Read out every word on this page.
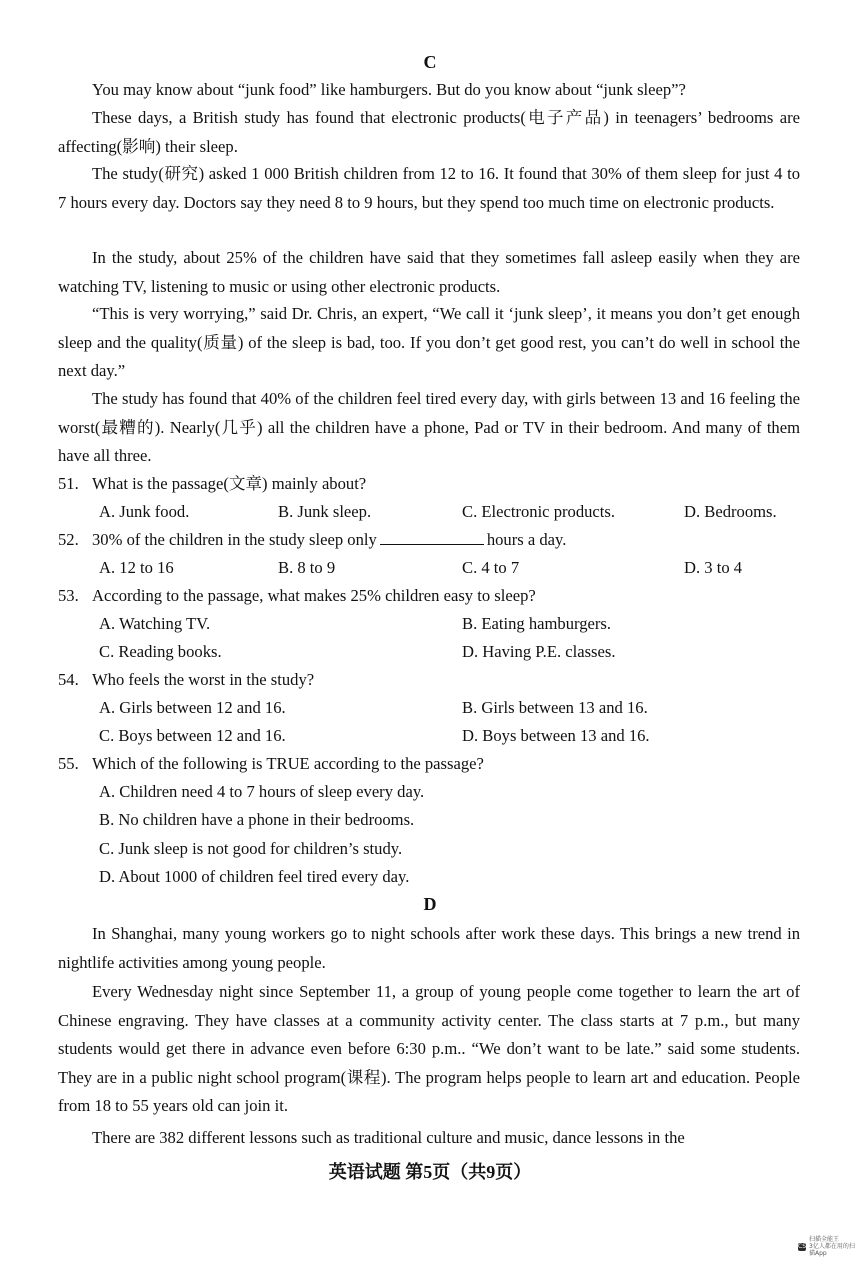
C
You may know about “junk food” like hamburgers. But do you know about “junk sleep”?
These days, a British study has found that electronic products(电子产品) in teenagers’ bedrooms are affecting(影响) their sleep.
The study(研究) asked 1 000 British children from 12 to 16. It found that 30% of them sleep for just 4 to 7 hours every day. Doctors say they need 8 to 9 hours, but they spend too much time on electronic products.
In the study, about 25% of the children have said that they sometimes fall asleep easily when they are watching TV, listening to music or using other electronic products.
“This is very worrying,” said Dr. Chris, an expert, “We call it ‘junk sleep’, it means you don’t get enough sleep and the quality(质量) of the sleep is bad, too. If you don’t get good rest, you can’t do well in school the next day.”
The study has found that 40% of the children feel tired every day, with girls between 13 and 16 feeling the worst(最糟的). Nearly(几乎) all the children have a phone, Pad or TV in their bedroom. And many of them have all three.
51. What is the passage(文章) mainly about?
A. Junk food.	B. Junk sleep.	C. Electronic products.	D. Bedrooms.
52. 30% of the children in the study sleep only	hours a day.
A. 12 to 16	B. 8 to 9	C. 4 to 7	D. 3 to 4
53. According to the passage, what makes 25% children easy to sleep?
A. Watching TV.	B. Eating hamburgers.
C. Reading books.	D. Having P.E. classes.
54. Who feels the worst in the study?
A. Girls between 12 and 16.	B. Girls between 13 and 16.
C. Boys between 12 and 16.	D. Boys between 13 and 16.
55. Which of the following is TRUE according to the passage?
A. Children need 4 to 7 hours of sleep every day.
B. No children have a phone in their bedrooms.
C. Junk sleep is not good for children’s study.
D. About 1000 of children feel tired every day.
D
In Shanghai, many young workers go to night schools after work these days. This brings a new trend in nightlife activities among young people.
Every Wednesday night since September 11, a group of young people come together to learn the art of Chinese engraving. They have classes at a community activity center. The class starts at 7 p.m., but many students would get there in advance even before 6:30 p.m.. “We don’t want to be late.” said some students. They are in a public night school program(课程). The program helps people to learn art and education. People from 18 to 55 years old can join it.
There are 382 different lessons such as traditional culture and music, dance lessons in the
英语试题 第5页（共9页）
CS
扫描全能王
3亿人都在用的扫描App
